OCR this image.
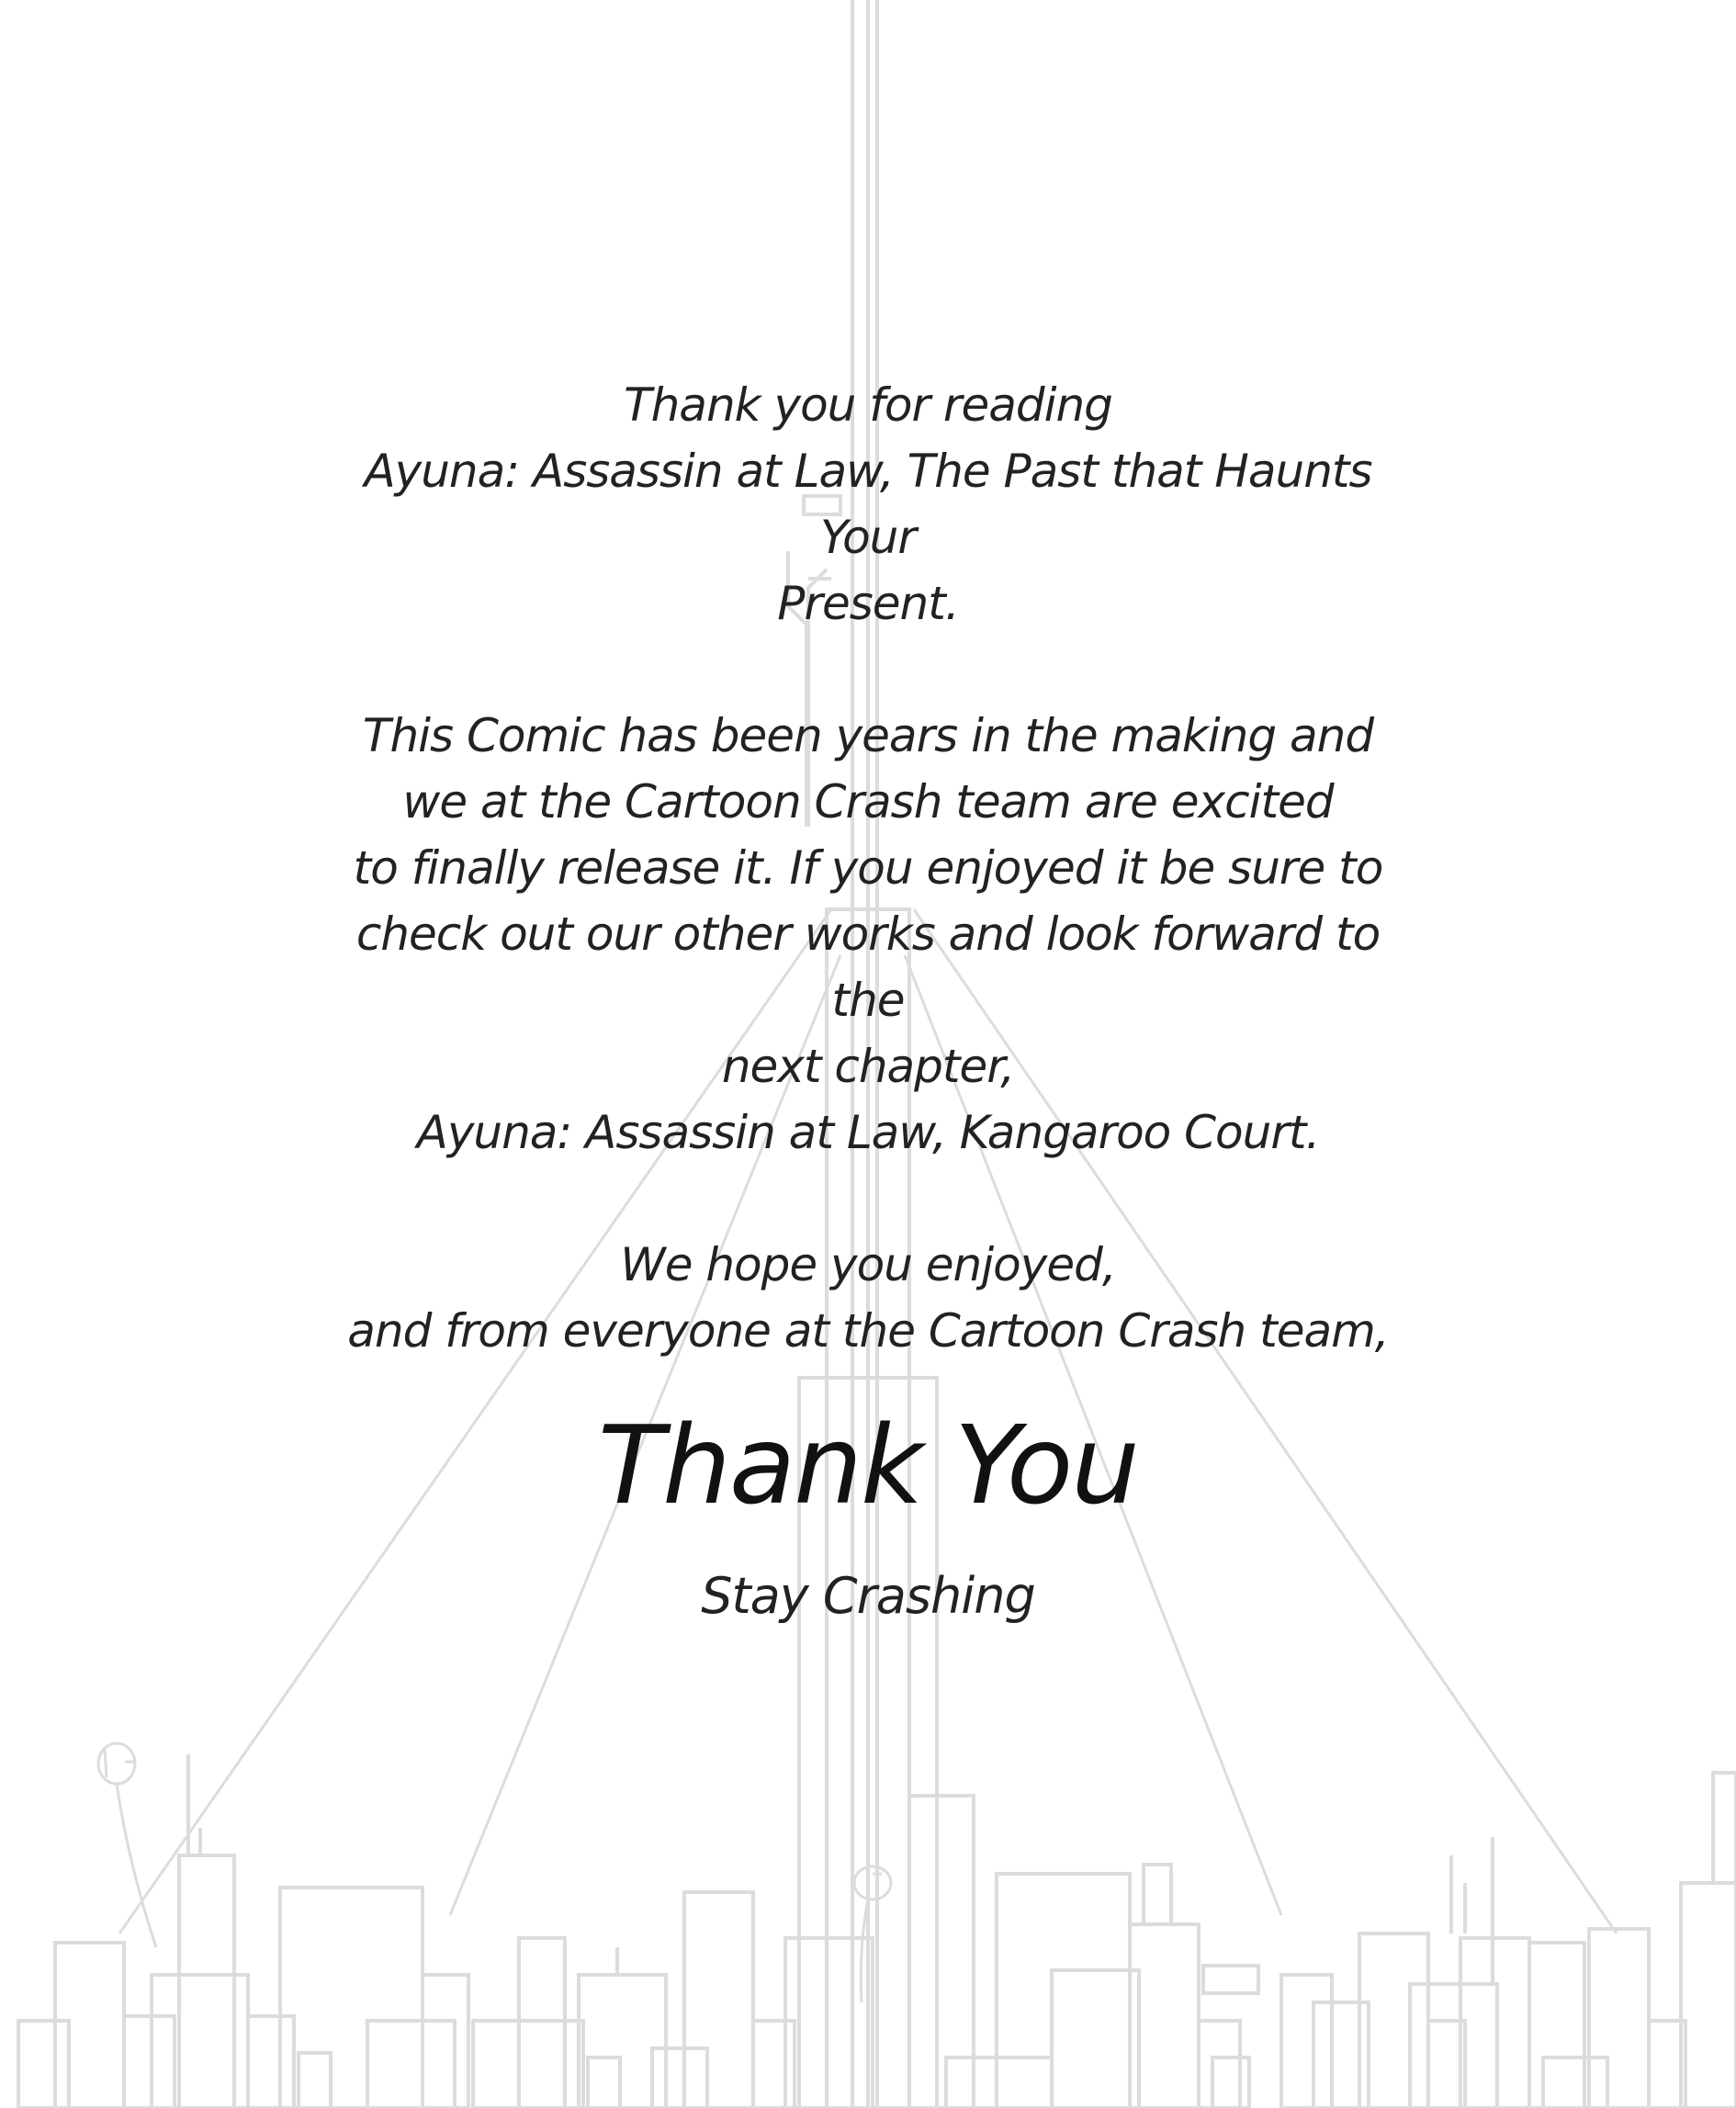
Thank you for reading
Ayuna: Assassin at Law, The Past that Haunts Your
Present.
This Comic has been years in the making and
we at the Cartoon Crash team are excited
to finally release it. If you enjoyed it be sure to
check out our other works and look forward to the
next chapter,
Ayuna: Assassin at Law, Kangaroo Court.
We hope you enjoyed,
and from everyone at the Cartoon Crash team,
Thank You
Stay Crashing
